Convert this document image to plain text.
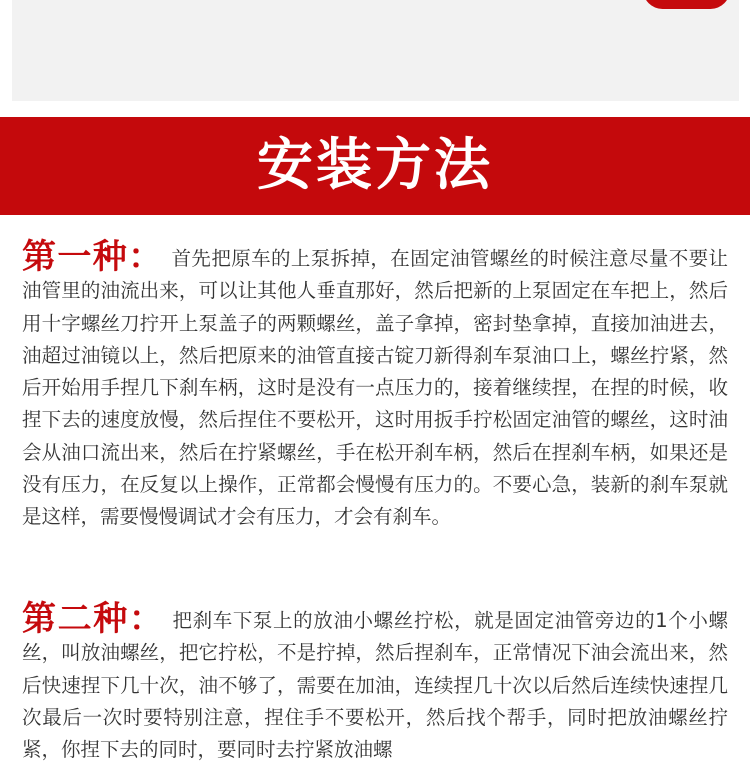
安装方法

第一种： 首先把原车的上泵拆掉，在固定油管螺丝的时候注意尽量不要让油管里的油流出来，可以让其他人垂直那好，然后把新的上泵固定在车把上，然后用十字螺丝刀拧开上泵盖子的两颗螺丝，盖子拿掉，密封垫拿掉，直接加油进去，油超过油镜以上，然后把原来的油管直接古锭刀新得刹车泵油口上，螺丝拧紧，然后开始用手捏几下刹车柄，这时是没有一点压力的，接着继续捏，在捏的时候，收捏下去的速度放慢，然后捏住不要松开，这时用扳手拧松固定油管的螺丝，这时油会从油口流出来，然后在拧紧螺丝，手在松开刹车柄，然后在捏刹车柄，如果还是没有压力，在反复以上操作，正常都会慢慢有压力的。不要心急，装新的刹车泵就是这样，需要慢慢调试才会有压力，才会有刹车。

第二种： 把刹车下泵上的放油小螺丝拧松，就是固定油管旁边的1个小螺丝，叫放油螺丝，把它拧松，不是拧掉，然后捏刹车，正常情况下油会流出来，然后快速捏下几十次，油不够了，需要在加油，连续捏几十次以后然后连续快速捏几次最后一次时要特别注意，捏住手不要松开，然后找个帮手，同时把放油螺丝拧紧，你捏下去的同时，要同时去拧紧放油螺
